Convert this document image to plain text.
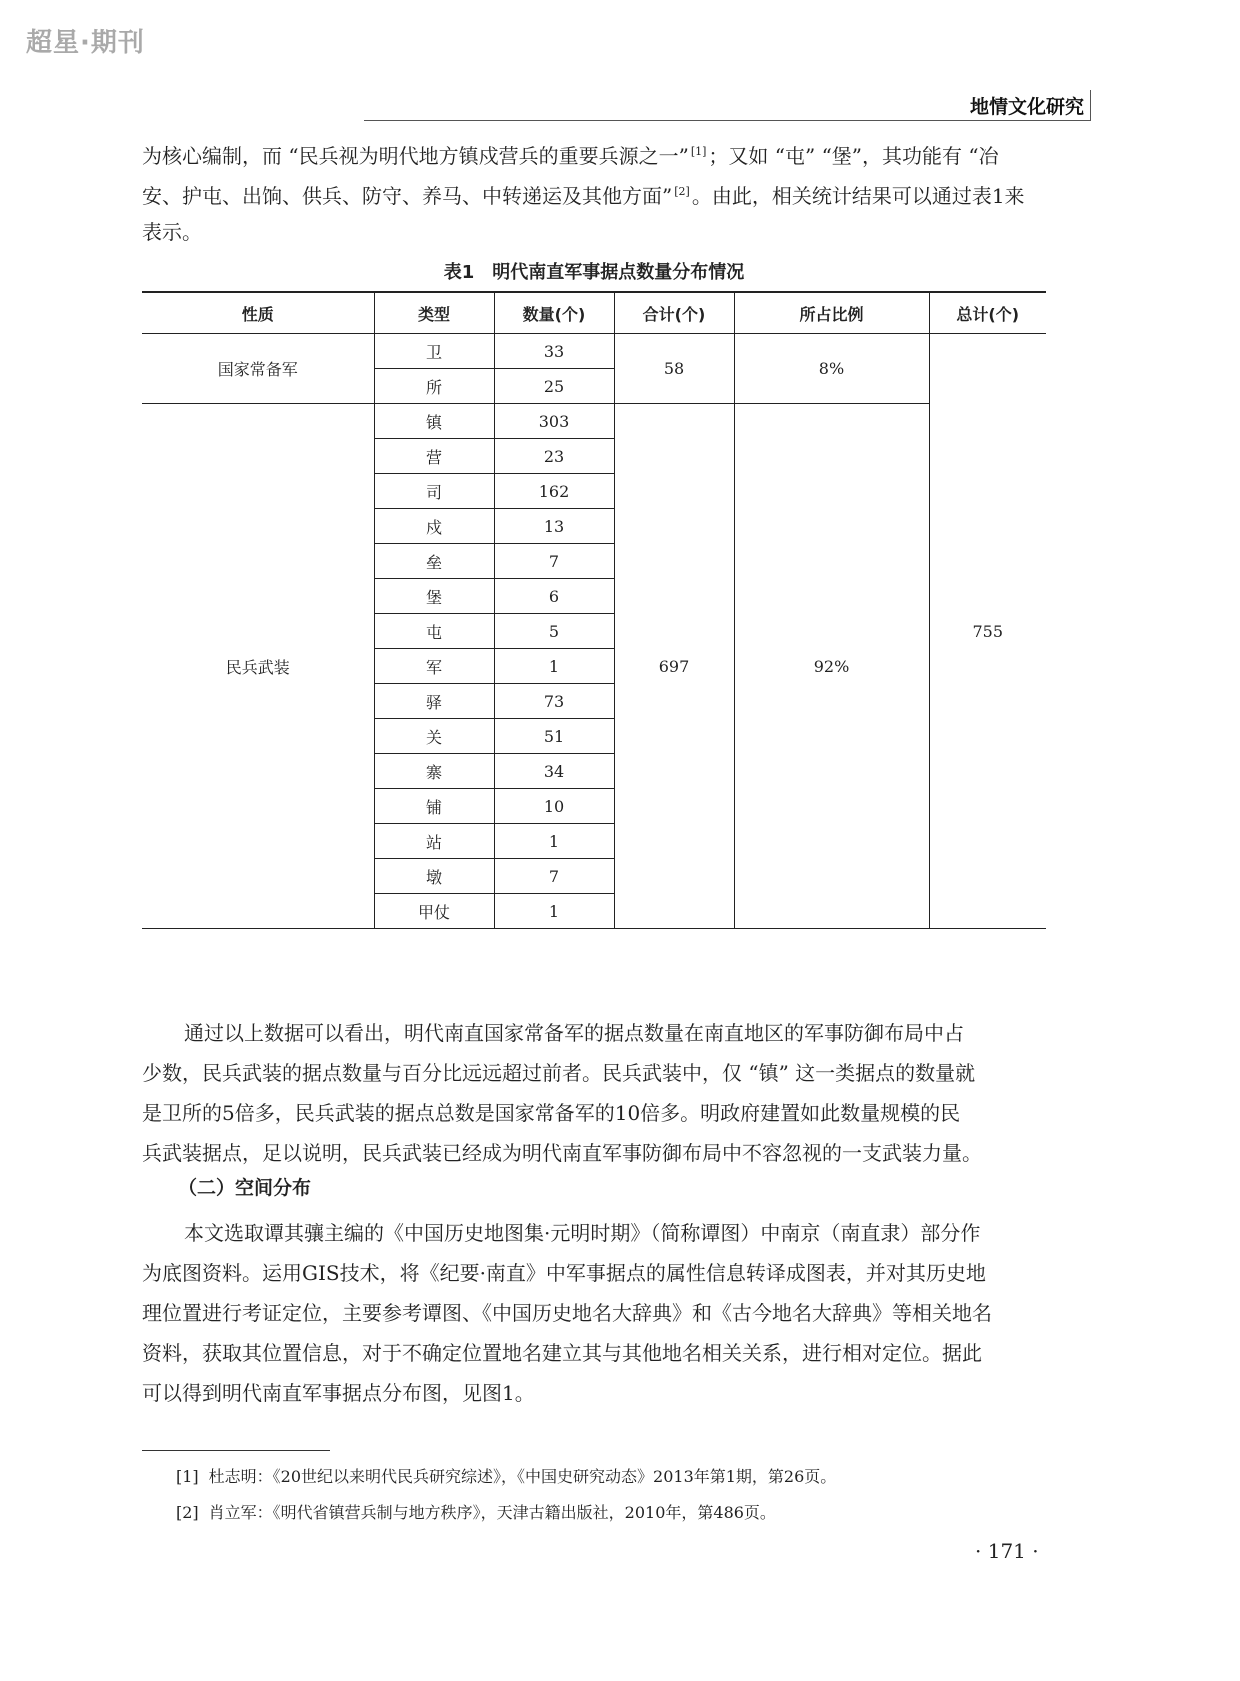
超星·期刊
地情文化研究
为核心编制，而 “民兵视为明代地方镇戍营兵的重要兵源之一” [1] ；又如 “屯” “堡”，其功能有 “冶
安、护屯、出饷、供兵、防守、养马、中转递运及其他方面” [2] 。由此，相关统计结果可以通过表1来
表示。
表1　明代南直军事据点数量分布情况
性质	类型	数量(个)	合计(个)	所占比例	总计(个)
国家常备军	卫	33	58	8%	755
	所	25			
民兵武装	镇	303	697	92%	
	营	23			
	司	162			
	戍	13			
	垒	7			
	堡	6			
	屯	5			
	军	1			
	驿	73			
	关	51			
	寨	34			
	铺	10			
	站	1			
	墩	7			
	甲仗	1			
通过以上数据可以看出，明代南直国家常备军的据点数量在南直地区的军事防御布局中占
少数，民兵武装的据点数量与百分比远远超过前者。民兵武装中，仅 “镇” 这一类据点的数量就
是卫所的5倍多，民兵武装的据点总数是国家常备军的10倍多。明政府建置如此数量规模的民
兵武装据点，足以说明，民兵武装已经成为明代南直军事防御布局中不容忽视的一支武装力量。
（二）空间分布
本文选取谭其骧主编的《中国历史地图集·元明时期》（简称谭图）中南京（南直隶）部分作
为底图资料。运用GIS技术，将《纪要·南直》中军事据点的属性信息转译成图表，并对其历史地
理位置进行考证定位，主要参考谭图、《中国历史地名大辞典》和《古今地名大辞典》等相关地名
资料，获取其位置信息，对于不确定位置地名建立其与其他地名相关关系，进行相对定位。据此
可以得到明代南直军事据点分布图，见图1。
[1] 杜志明：《20世纪以来明代民兵研究综述》，《中国史研究动态》2013年第1期，第26页。
[2] 肖立军：《明代省镇营兵制与地方秩序》，天津古籍出版社，2010年，第486页。
· 171 ·
